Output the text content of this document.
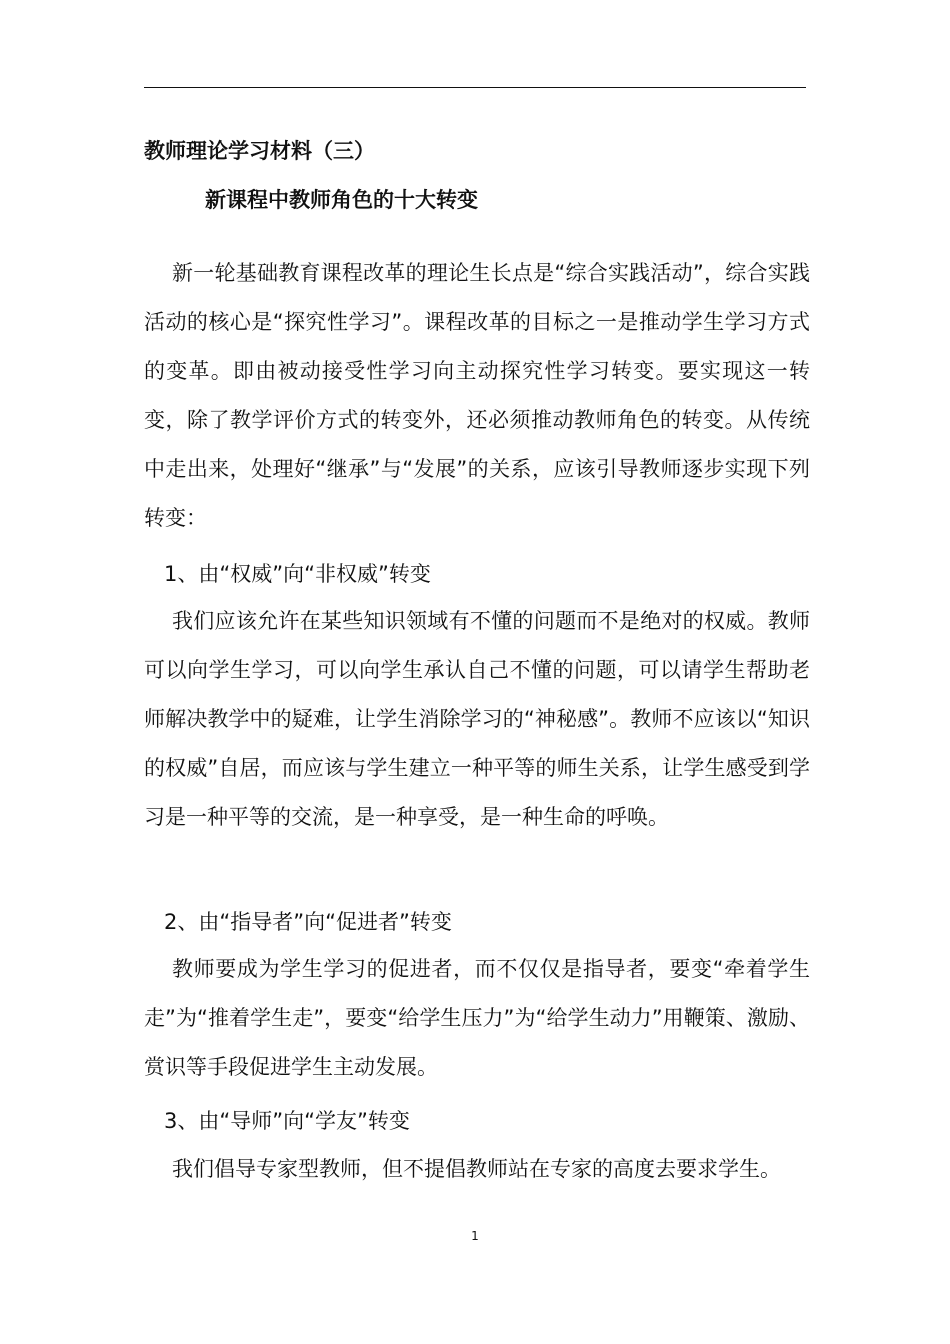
教师理论学习材料（三）
新课程中教师角色的十大转变

新一轮基础教育课程改革的理论生长点是“综合实践活动”，综合实践活动的核心是“探究性学习”。课程改革的目标之一是推动学生学习方式的变革。即由被动接受性学习向主动探究性学习转变。要实现这一转变，除了教学评价方式的转变外，还必须推动教师角色的转变。从传统中走出来，处理好“继承”与“发展”的关系，应该引导教师逐步实现下列转变：

1、由“权威”向“非权威”转变

我们应该允许在某些知识领域有不懂的问题而不是绝对的权威。教师可以向学生学习，可以向学生承认自己不懂的问题，可以请学生帮助老师解决教学中的疑难，让学生消除学习的“神秘感”。教师不应该以“知识的权威”自居，而应该与学生建立一种平等的师生关系，让学生感受到学习是一种平等的交流，是一种享受，是一种生命的呼唤。

2、由“指导者”向“促进者”转变

教师要成为学生学习的促进者，而不仅仅是指导者，要变“牵着学生走”为“推着学生走”，要变“给学生压力”为“给学生动力”用鞭策、激励、赏识等手段促进学生主动发展。

3、由“导师”向“学友”转变

我们倡导专家型教师，但不提倡教师站在专家的高度去要求学生。

1
